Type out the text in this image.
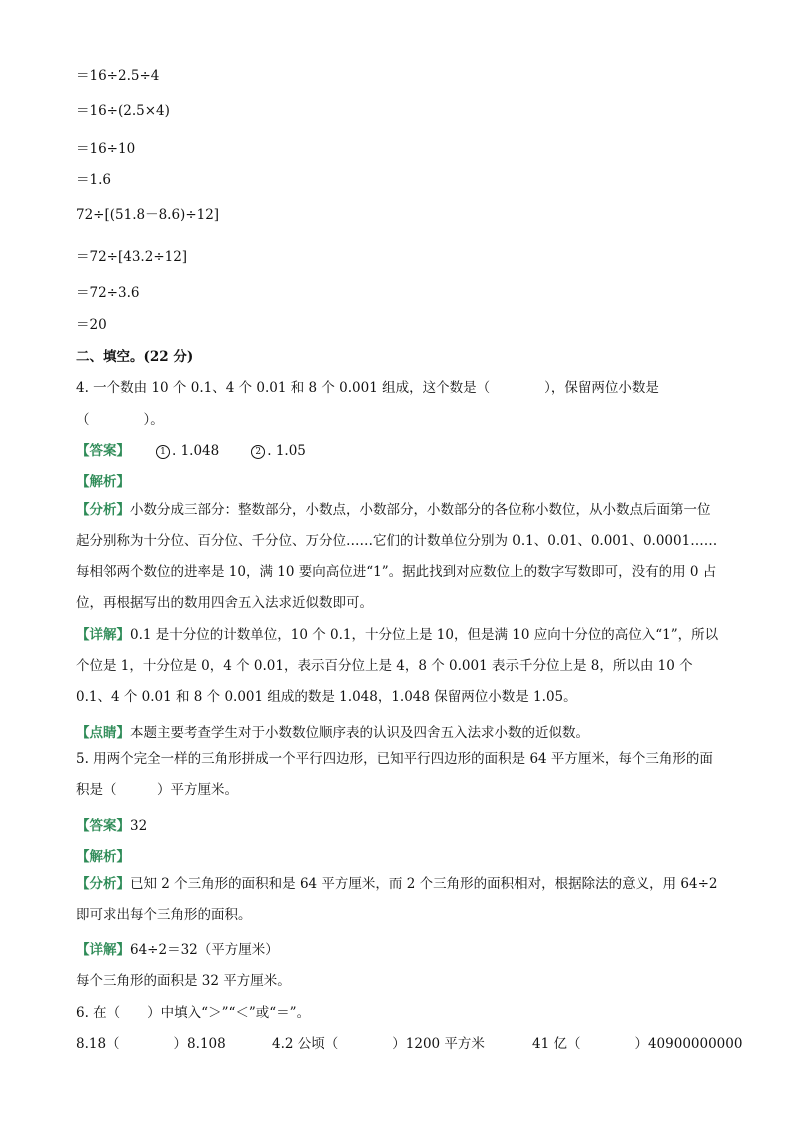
＝16÷2.5÷4
＝16÷(2.5×4)
＝16÷10
＝1.6
72÷[(51.8－8.6)÷12]
＝72÷[43.2÷12]
＝72÷3.6
＝20
二、填空。(22 分)
4. 一个数由 10 个 0.1、4 个 0.01 和 8 个 0.001 组成，这个数是（　　　　），保留两位小数是
（　　　　）。
【答案】	1 . 1.048	2 . 1.05
【解析】
【分析】小数分成三部分：整数部分，小数点，小数部分，小数部分的各位称小数位，从小数点后面第一位起分别称为十分位、百分位、千分位、万分位……它们的计数单位分别为 0.1、0.01、0.001、0.0001……每相邻两个数位的进率是 10，满 10 要向高位进“1”。据此找到对应数位上的数字写数即可，没有的用 0 占位，再根据写出的数用四舍五入法求近似数即可。
【详解】0.1 是十分位的计数单位，10 个 0.1，十分位上是 10，但是满 10 应向十分位的高位入“1”，所以个位是 1，十分位是 0，4 个 0.01，表示百分位上是 4，8 个 0.001 表示千分位上是 8，所以由 10 个 0.1、4 个 0.01 和 8 个 0.001 组成的数是 1.048，1.048 保留两位小数是 1.05。
【点睛】本题主要考查学生对于小数数位顺序表的认识及四舍五入法求小数的近似数。
5. 用两个完全一样的三角形拼成一个平行四边形，已知平行四边形的面积是 64 平方厘米，每个三角形的面积是（　　　）平方厘米。
【答案】32
【解析】
【分析】已知 2 个三角形的面积和是 64 平方厘米，而 2 个三角形的面积相对，根据除法的意义，用 64÷2 即可求出每个三角形的面积。
【详解】64÷2＝32（平方厘米）
每个三角形的面积是 32 平方厘米。
6. 在（　　）中填入“＞”“＜”或“＝”。
8.18（　　　　）8.108	4.2 公顷（　　　　）1200 平方米	41 亿（　　　　）40900000000
